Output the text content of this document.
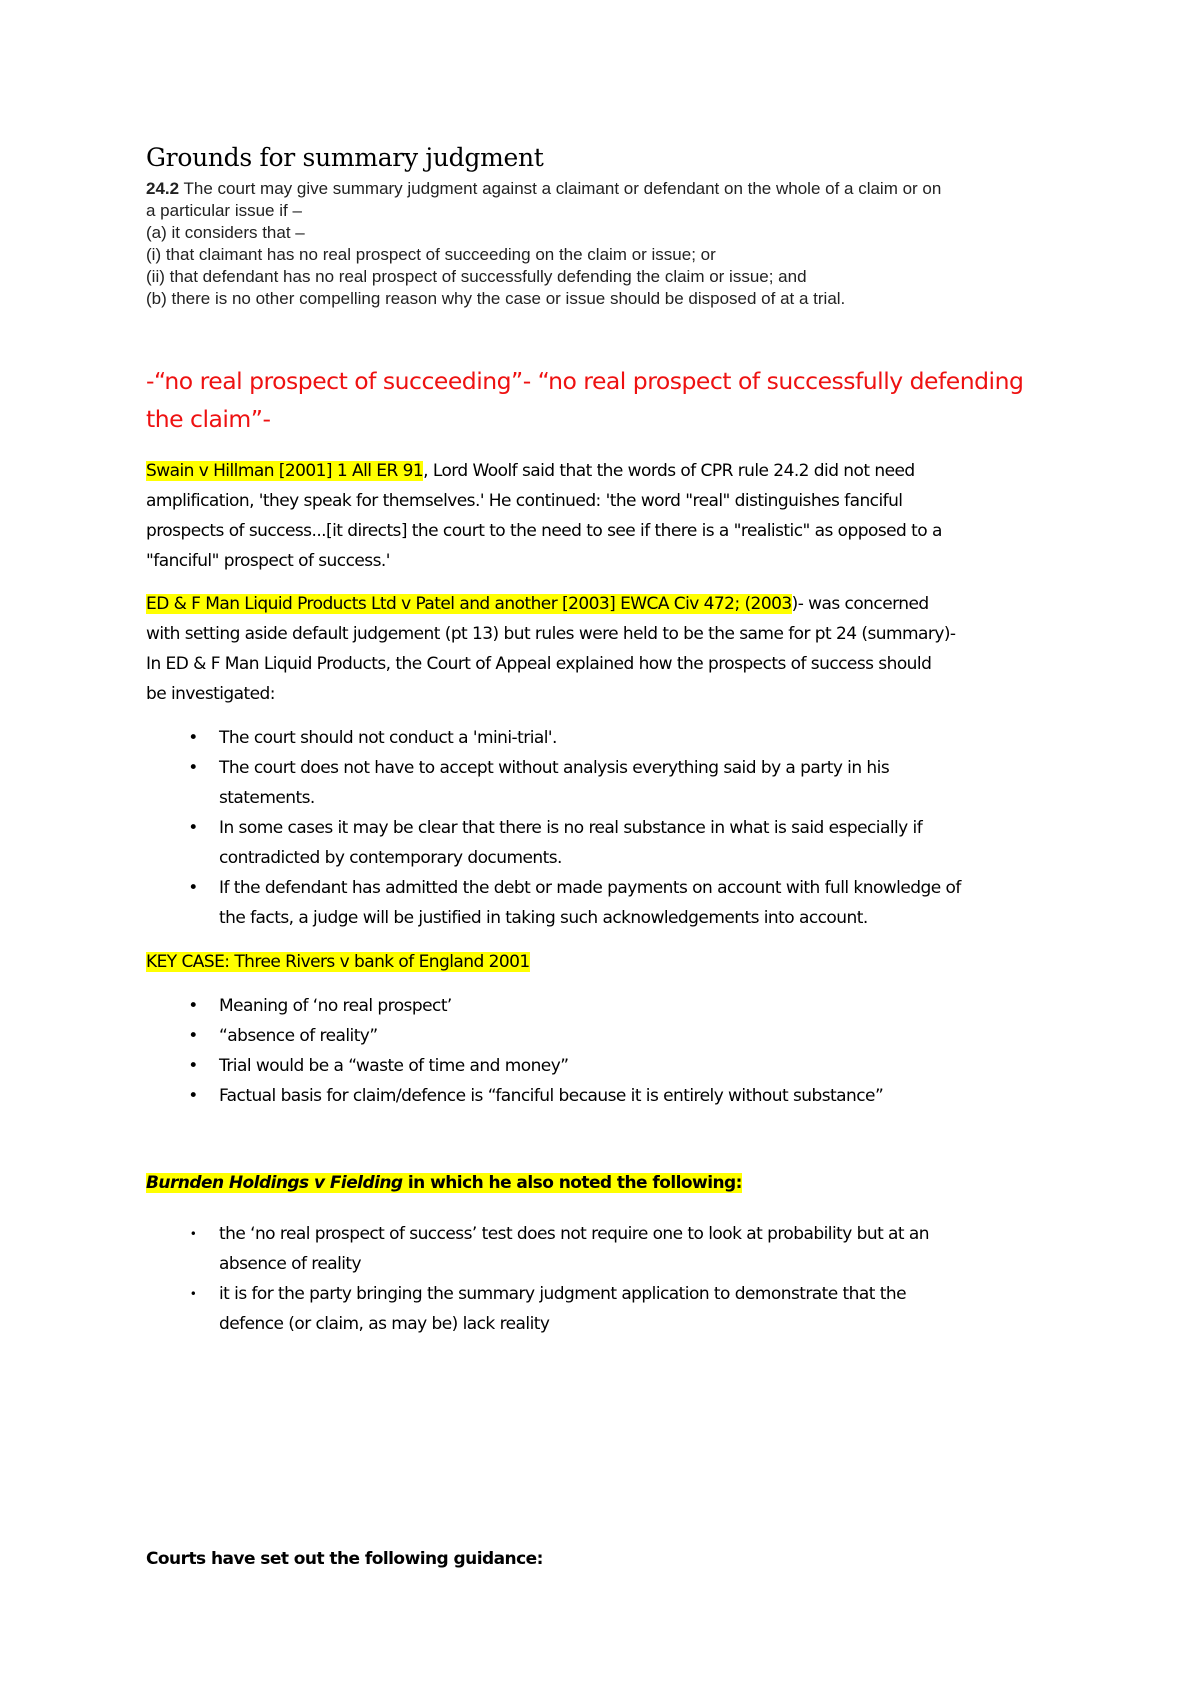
Grounds for summary judgment
24.2 The court may give summary judgment against a claimant or defendant on the whole of a claim or on
a particular issue if –
(a) it considers that –
(i) that claimant has no real prospect of succeeding on the claim or issue; or
(ii) that defendant has no real prospect of successfully defending the claim or issue; and
(b) there is no other compelling reason why the case or issue should be disposed of at a trial.
-“no real prospect of succeeding”- “no real prospect of successfully defending
the claim”-
Swain v Hillman [2001] 1 All ER 91, Lord Woolf said that the words of CPR rule 24.2 did not need
amplification, 'they speak for themselves.' He continued: 'the word "real" distinguishes fanciful
prospects of success...[it directs] the court to the need to see if there is a "realistic" as opposed to a
"fanciful" prospect of success.'
ED & F Man Liquid Products Ltd v Patel and another [2003] EWCA Civ 472; (2003)- was concerned
with setting aside default judgement (pt 13) but rules were held to be the same for pt 24 (summary)-
In ED & F Man Liquid Products, the Court of Appeal explained how the prospects of success should
be investigated:
• The court should not conduct a 'mini-trial'.
• The court does not have to accept without analysis everything said by a party in his
statements.
• In some cases it may be clear that there is no real substance in what is said especially if
contradicted by contemporary documents.
• If the defendant has admitted the debt or made payments on account with full knowledge of
the facts, a judge will be justified in taking such acknowledgements into account.
KEY CASE: Three Rivers v bank of England 2001
• Meaning of ‘no real prospect’
• “absence of reality”
• Trial would be a “waste of time and money”
• Factual basis for claim/defence is “fanciful because it is entirely without substance”
Burnden Holdings v Fielding in which he also noted the following:
• the ‘no real prospect of success’ test does not require one to look at probability but at an
absence of reality
• it is for the party bringing the summary judgment application to demonstrate that the
defence (or claim, as may be) lack reality
Courts have set out the following guidance:
